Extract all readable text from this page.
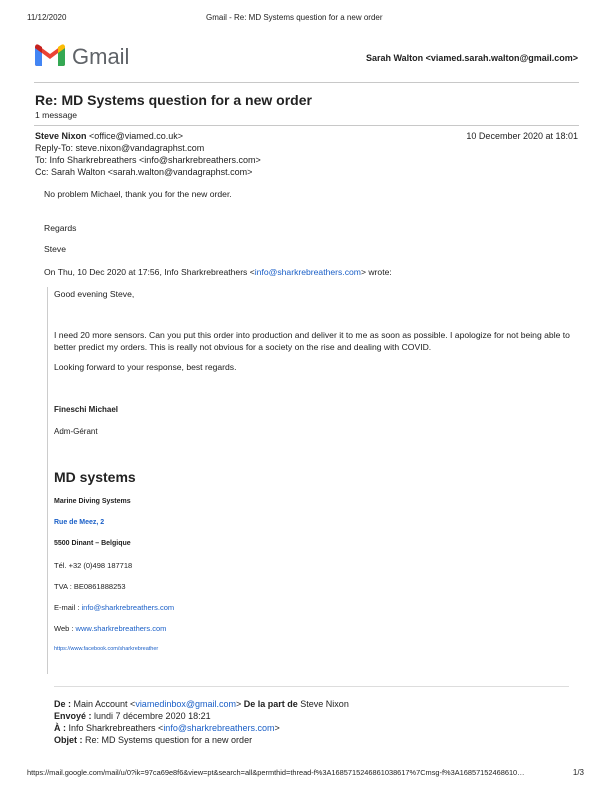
11/12/2020	Gmail - Re: MD Systems question for a new order
Gmail	Sarah Walton <viamed.sarah.walton@gmail.com>
Re: MD Systems question for a new order
1 message
Steve Nixon <office@viamed.co.uk>	10 December 2020 at 18:01
Reply-To: steve.nixon@vandagraphst.com
To: Info Sharkrebreathers <info@sharkrebreathers.com>
Cc: Sarah Walton <sarah.walton@vandagraphst.com>
No problem Michael, thank you for the new order.
Regards
Steve
On Thu, 10 Dec 2020 at 17:56, Info Sharkrebreathers <info@sharkrebreathers.com> wrote:
Good evening Steve,
I need 20 more sensors. Can you put this order into production and deliver it to me as soon as possible. I apologize for not being able to better predict my orders. This is really not obvious for a society on the rise and dealing with COVID.
Looking forward to your response, best regards.
Fineschi Michael
Adm-Gérant
MD systems
Marine Diving Systems
Rue de Meez, 2
5500 Dinant – Belgique
Tél. +32 (0)498 187718
TVA : BE0861888253
E-mail : info@sharkrebreathers.com
Web : www.sharkrebreathers.com
https://www.facebook.com/sharkrebreather
De : Main Account <viamedinbox@gmail.com> De la part de Steve Nixon
Envoyé : lundi 7 décembre 2020 18:21
À : Info Sharkrebreathers <info@sharkrebreathers.com>
Objet : Re: MD Systems question for a new order
https://mail.google.com/mail/u/0?ik=97ca69e8f6&view=pt&search=all&permthid=thread-f%3A1685715246861038617%7Cmsg-f%3A16857152468610…	1/3
